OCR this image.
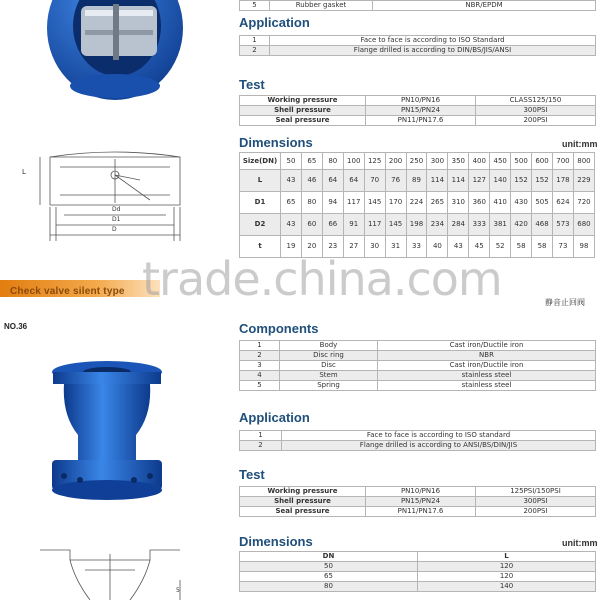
5	Rubber gasket	NBR/EPDM
Application
1	Face to face is according to ISO Standard
2	Flange drilled is according to DIN/BS/JIS/ANSI
Test
Working pressure	PN10/PN16	CLASS125/150
Shell pressure	PN15/PN24	300PSI
Seal pressure	PN11/PN17.6	200PSI
Dimensions	unit:mm
Size(DN)	50	65	80	100	125	200	250	300	350	400	450	500	600	700	800
L	43	46	64	64	70	76	89	114	114	127	140	152	152	178	229
D1	65	80	94	117	145	170	224	265	310	360	410	430	505	624	720
D2	43	60	66	91	117	145	198	234	284	333	381	420	468	573	680
t	19	20	23	27	30	31	33	40	43	45	52	58	58	73	98
L
Dd
D1
D
Check valve silent type
静音止回阀
NO.36
5
Components
1	Body	Cast iron/Ductile iron
2	Disc ring	NBR
3	Disc	Cast iron/Ductile iron
4	Stem	stainless steel
5	Spring	stainless steel
Application
1	Face to face is according to ISO standard
2	Flange drilled is according to ANSI/BS/DIN/JIS
Test
Working pressure	PN10/PN16	125PSI/150PSI
Shell pressure	PN15/PN24	300PSI
Seal pressure	PN11/PN17.6	200PSI
Dimensions	unit:mm
DN	L
50	120
65	120
80	140
trade.china.com
